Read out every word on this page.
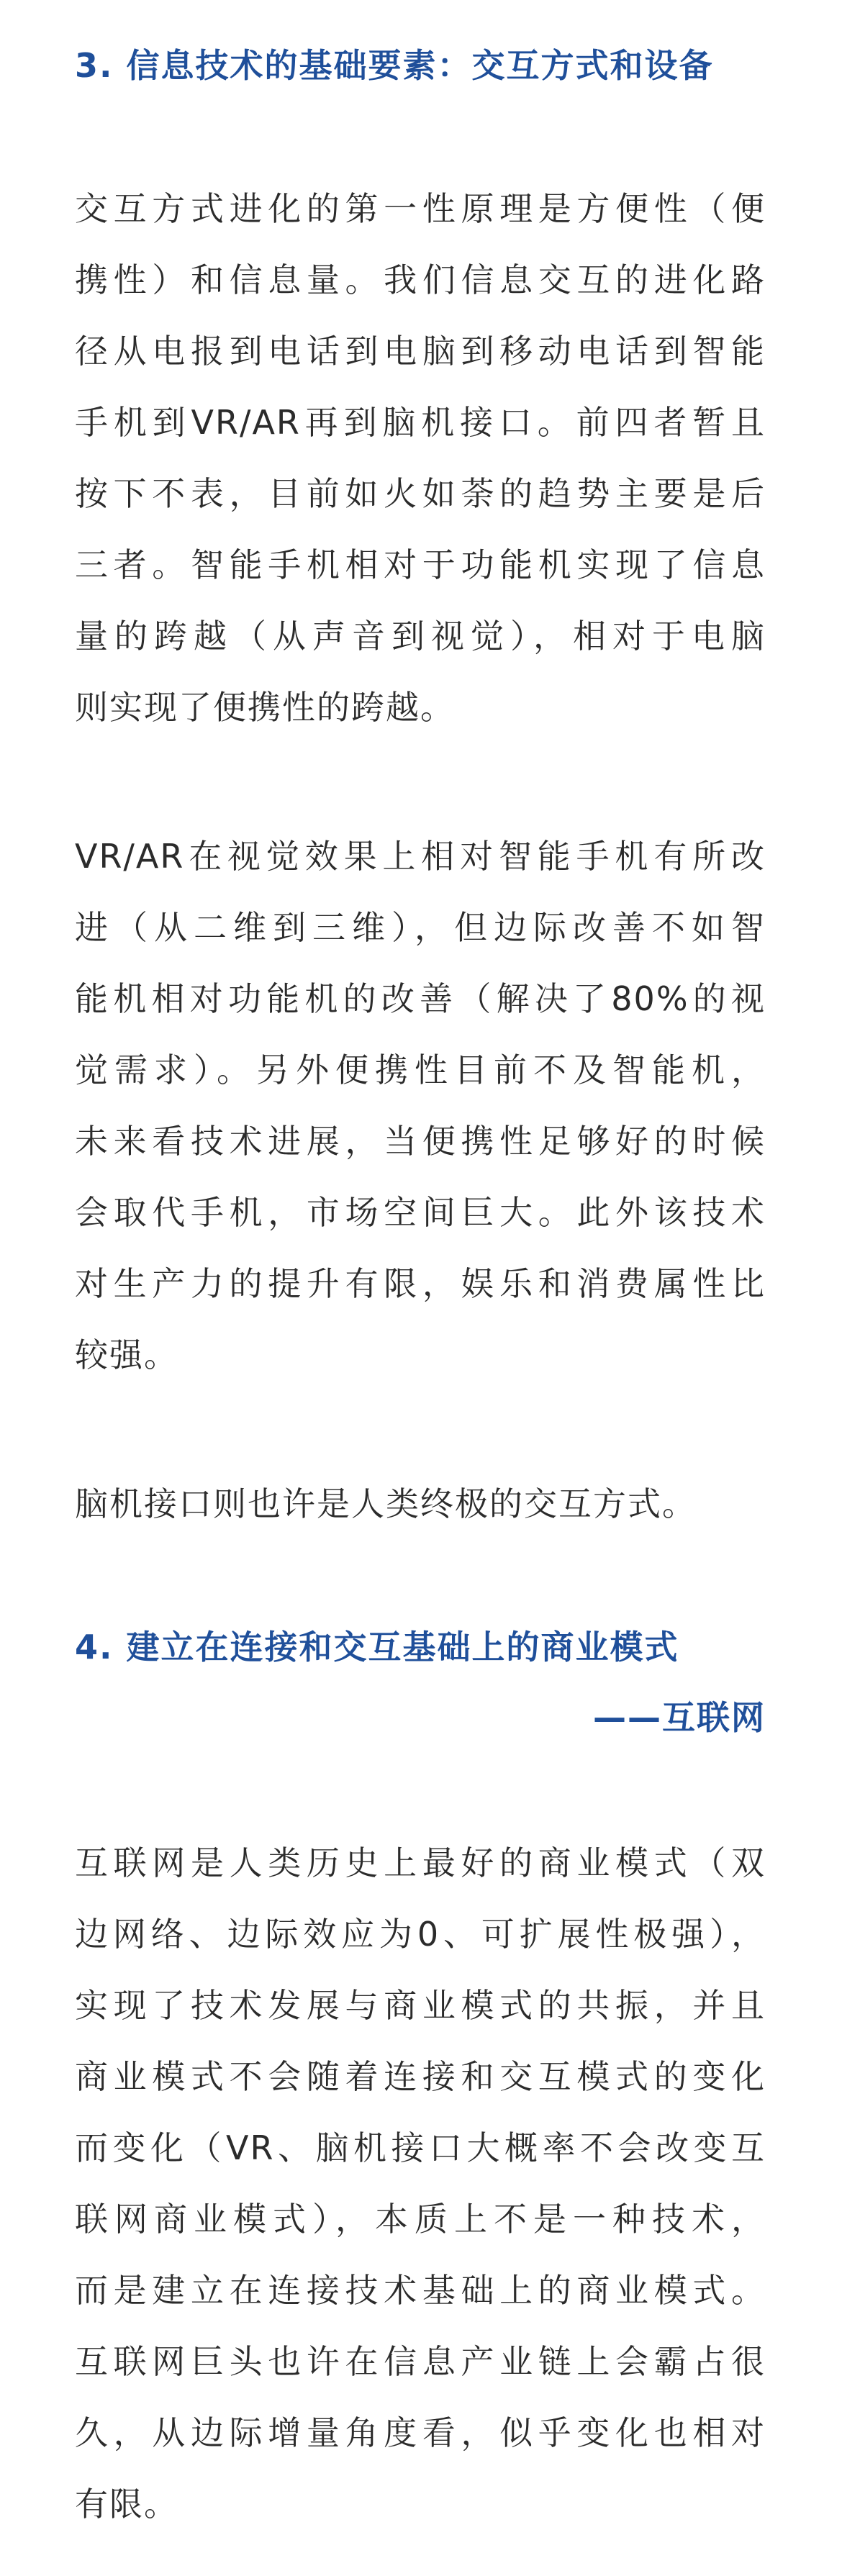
3. 信息技术的基础要素：交互方式和设备
交互方式进化的第一性原理是方便性（便
携性）和信息量。我们信息交互的进化路
径从电报到电话到电脑到移动电话到智能
手机到VR/AR再到脑机接口。前四者暂且
按下不表，目前如火如荼的趋势主要是后
三者。智能手机相对于功能机实现了信息
量的跨越（从声音到视觉），相对于电脑
则实现了便携性的跨越。
VR/AR在视觉效果上相对智能手机有所改
进（从二维到三维），但边际改善不如智
能机相对功能机的改善（解决了80%的视
觉需求）。另外便携性目前不及智能机，
未来看技术进展，当便携性足够好的时候
会取代手机，市场空间巨大。此外该技术
对生产力的提升有限，娱乐和消费属性比
较强。
脑机接口则也许是人类终极的交互方式。
4. 建立在连接和交互基础上的商业模式
——互联网
互联网是人类历史上最好的商业模式（双
边网络、边际效应为0、可扩展性极强），
实现了技术发展与商业模式的共振，并且
商业模式不会随着连接和交互模式的变化
而变化（VR、脑机接口大概率不会改变互
联网商业模式），本质上不是一种技术，
而是建立在连接技术基础上的商业模式。
互联网巨头也许在信息产业链上会霸占很
久，从边际增量角度看，似乎变化也相对
有限。
